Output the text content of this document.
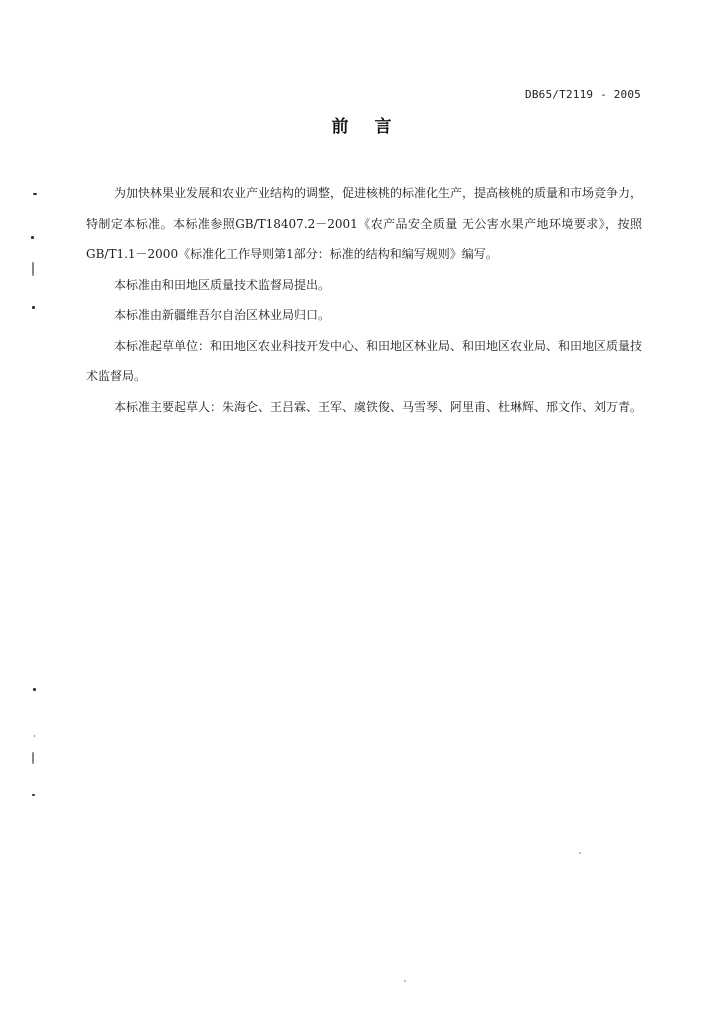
DB65/T2119 - 2005
前言

为加快林果业发展和农业产业结构的调整，促进核桃的标准化生产，提高核桃的质量和市场竞争力，特制定本标准。本标准参照GB/T18407.2－2001《农产品安全质量 无公害水果产地环境要求》，按照GB/T1.1－2000《标准化工作导则第1部分：标准的结构和编写规则》编写。

本标准由和田地区质量技术监督局提出。

本标准由新疆维吾尔自治区林业局归口。

本标准起草单位：和田地区农业科技开发中心、和田地区林业局、和田地区农业局、和田地区质量技术监督局。

本标准主要起草人：朱海仑、王吕霖、王军、虞铁俊、马雪琴、阿里甫、杜琳辉、邢文作、刘万青。
